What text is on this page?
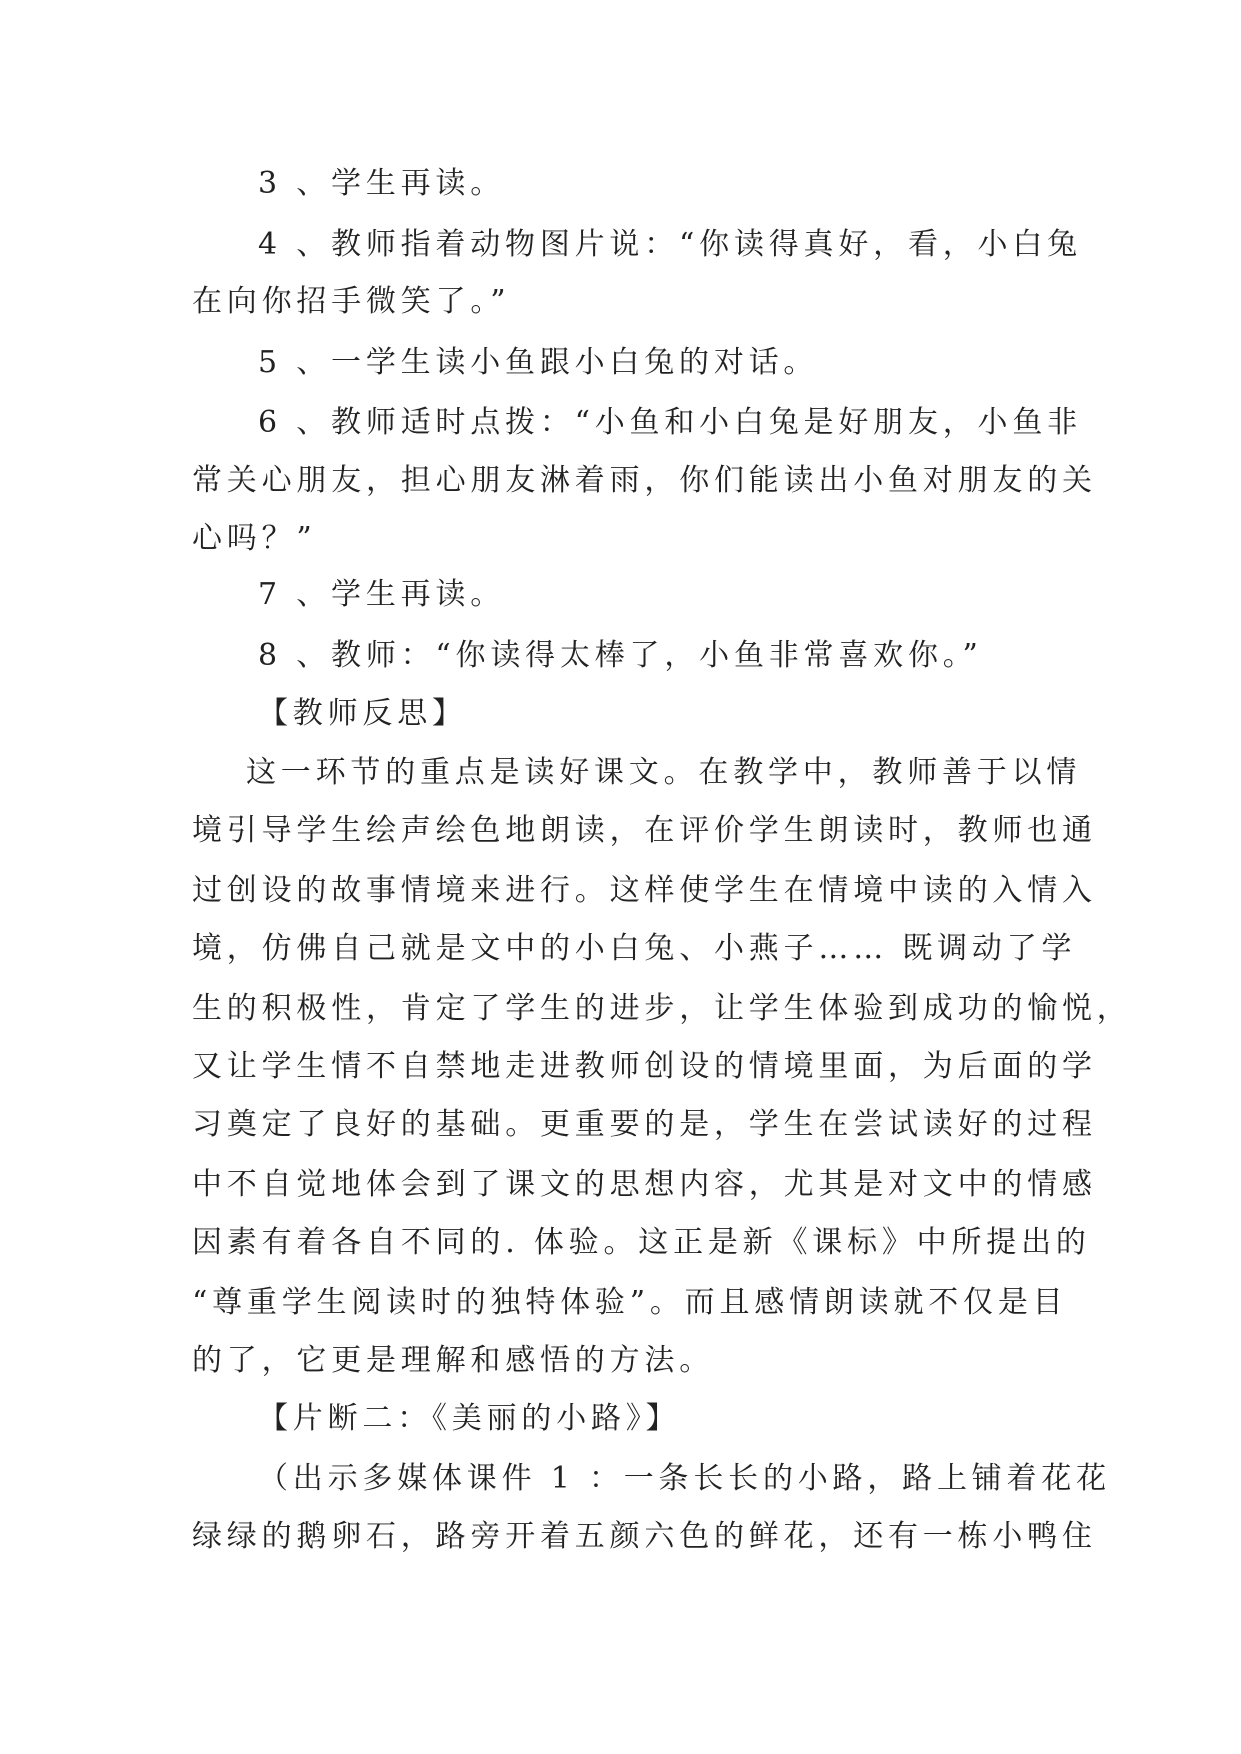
3 、学生再读。
4 、教师指着动物图片说：“你读得真好，看，小白兔
在向你招手微笑了。”
5 、一学生读小鱼跟小白兔的对话。
6 、教师适时点拨：“小鱼和小白兔是好朋友，小鱼非
常关心朋友，担心朋友淋着雨，你们能读出小鱼对朋友的关
心吗？”
7 、学生再读。
8 、教师：“你读得太棒了，小鱼非常喜欢你。”
【教师反思】
这一环节的重点是读好课文。在教学中，教师善于以情
境引导学生绘声绘色地朗读，在评价学生朗读时，教师也通
过创设的故事情境来进行。这样使学生在情境中读的入情入
境，仿佛自己就是文中的小白兔、小燕子…… 既调动了学
生的积极性，肯定了学生的进步，让学生体验到成功的愉悦，
又让学生情不自禁地走进教师创设的情境里面，为后面的学
习奠定了良好的基础。更重要的是，学生在尝试读好的过程
中不自觉地体会到了课文的思想内容，尤其是对文中的情感
因素有着各自不同的. 体验。这正是新《课标》中所提出的
“尊重学生阅读时的独特体验”。而且感情朗读就不仅是目
的了，它更是理解和感悟的方法。
【片断二：《美丽的小路》】
（出示多媒体课件 1 ：一条长长的小路，路上铺着花花
绿绿的鹅卵石，路旁开着五颜六色的鲜花，还有一栋小鸭住
